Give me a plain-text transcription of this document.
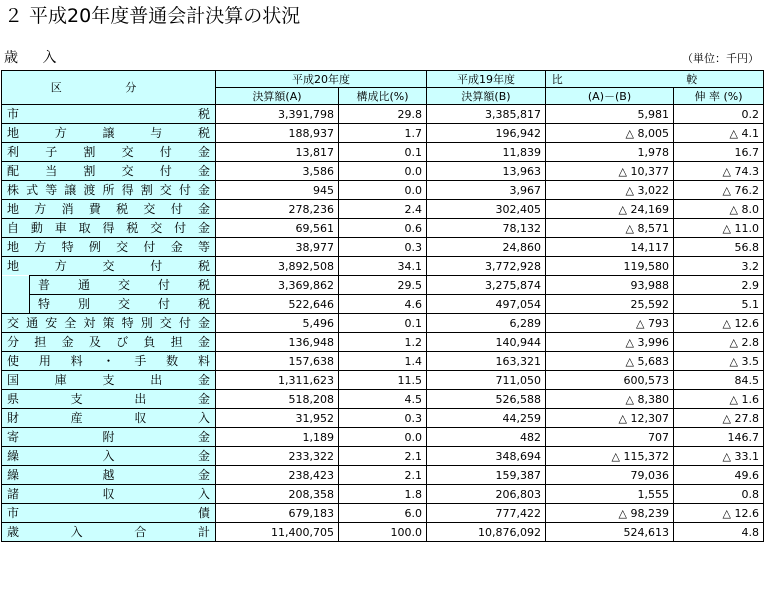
２ 平成20年度普通会計決算の状況
歳 入	（単位：千円）
区 分		平成20年度		平成19年度	比 較	
		決算額(A)	構成比(%)	決算額(B)	(A)－(B)	伸 率 (%)
市税		3,391,798	29.8	3,385,817	5,981	0.2
地方譲与税		188,937	1.7	196,942	△ 8,005	△ 4.1
利子割交付金		13,817	0.1	11,839	1,978	16.7
配当割交付金		3,586	0.0	13,963	△ 10,377	△ 74.3
株式等譲渡所得割交付金		945	0.0	3,967	△ 3,022	△ 76.2
地方消費税交付金		278,236	2.4	302,405	△ 24,169	△ 8.0
自動車取得税交付金		69,561	0.6	78,132	△ 8,571	△ 11.0
地方特例交付金等		38,977	0.3	24,860	14,117	56.8
地方交付税		3,892,508	34.1	3,772,928	119,580	3.2
	普通交付税	3,369,862	29.5	3,275,874	93,988	2.9
	特別交付税	522,646	4.6	497,054	25,592	5.1
交通安全対策特別交付金		5,496	0.1	6,289	△ 793	△ 12.6
分担金及び負担金		136,948	1.2	140,944	△ 3,996	△ 2.8
使用料・手数料		157,638	1.4	163,321	△ 5,683	△ 3.5
国庫支出金		1,311,623	11.5	711,050	600,573	84.5
県支出金		518,208	4.5	526,588	△ 8,380	△ 1.6
財産収入		31,952	0.3	44,259	△ 12,307	△ 27.8
寄附金		1,189	0.0	482	707	146.7
繰入金		233,322	2.1	348,694	△ 115,372	△ 33.1
繰越金		238,423	2.1	159,387	79,036	49.6
諸収入		208,358	1.8	206,803	1,555	0.8
市債		679,183	6.0	777,422	△ 98,239	△ 12.6
歳入合計		11,400,705	100.0	10,876,092	524,613	4.8
